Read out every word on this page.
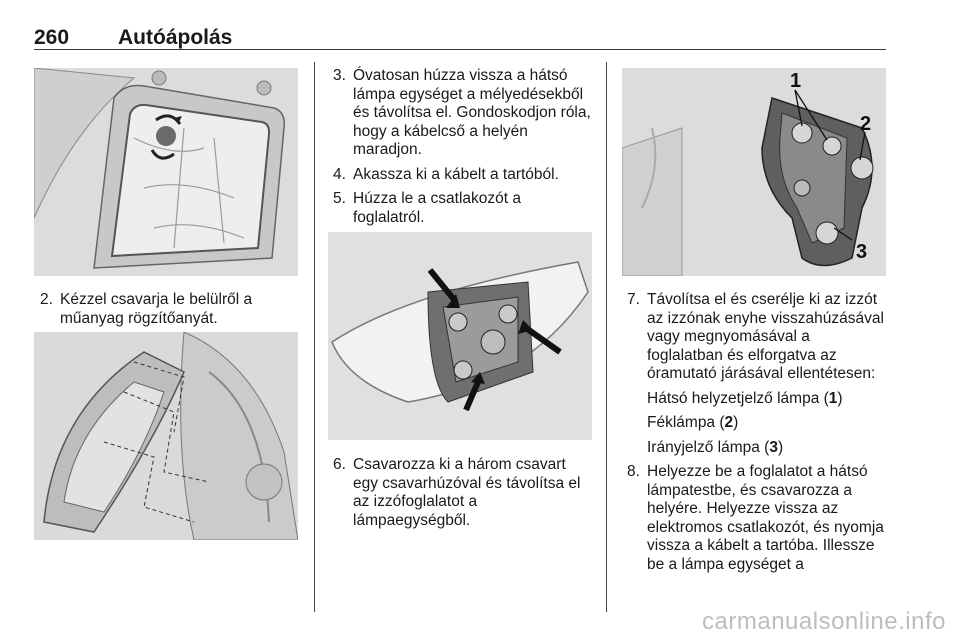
260 Autóápolás
2. Kézzel csavarja le belülről a műanyag rögzítőanyát.
3. Óvatosan húzza vissza a hátsó lámpa egységet a mélyedésekből és távolítsa el. Gondoskodjon róla, hogy a kábelcső a helyén maradjon.
4. Akassza ki a kábelt a tartóból.
5. Húzza le a csatlakozót a foglalatról.
6. Csavarozza ki a három csavart egy csavarhúzóval és távolítsa el az izzófoglalatot a lámpaegységből.
1
2
3
7. Távolítsa el és cserélje ki az izzót az izzónak enyhe visszahúzásával vagy megnyomásával a foglalatban és elforgatva az óramutató járásával ellentétesen:
Hátsó helyzetjelző lámpa (1)
Féklámpa (2)
Irányjelző lámpa (3)
8. Helyezze be a foglalatot a hátsó lámpatestbe, és csavarozza a helyére. Helyezze vissza az elektromos csatlakozót, és nyomja vissza a kábelt a tartóba. Illessze be a lámpa egységet a
carmanualsonline.info
